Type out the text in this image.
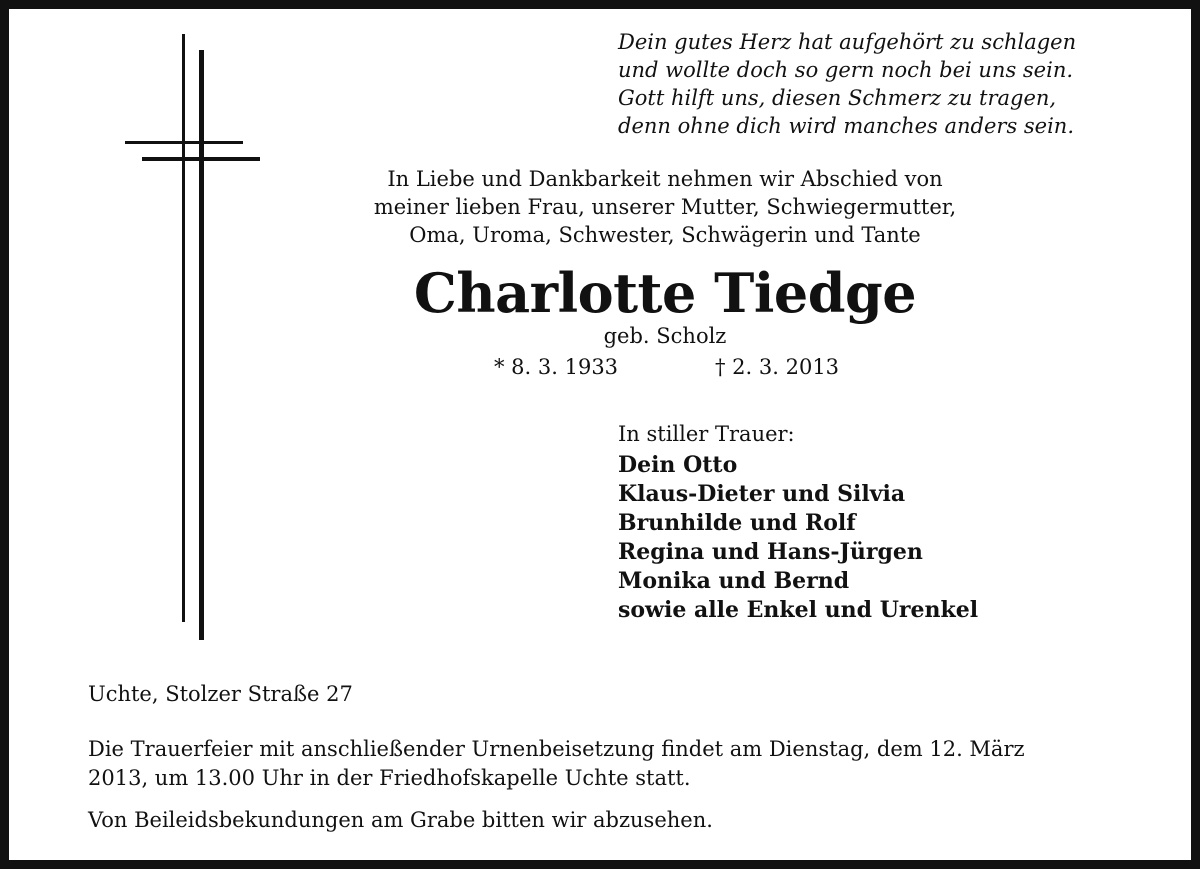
Dein gutes Herz hat aufgehört zu schlagen
und wollte doch so gern noch bei uns sein.
Gott hilft uns, diesen Schmerz zu tragen,
denn ohne dich wird manches anders sein.
In Liebe und Dankbarkeit nehmen wir Abschied von
meiner lieben Frau, unserer Mutter, Schwiegermutter,
Oma, Uroma, Schwester, Schwägerin und Tante
Charlotte Tiedge
geb. Scholz
* 8. 3. 1933	† 2. 3. 2013
In stiller Trauer:
Dein Otto
Klaus-Dieter und Silvia
Brunhilde und Rolf
Regina und Hans-Jürgen
Monika und Bernd
sowie alle Enkel und Urenkel
Uchte, Stolzer Straße 27
Die Trauerfeier mit anschließender Urnenbeisetzung findet am Dienstag, dem 12. März
2013, um 13.00 Uhr in der Friedhofskapelle Uchte statt.
Von Beileidsbekundungen am Grabe bitten wir abzusehen.
